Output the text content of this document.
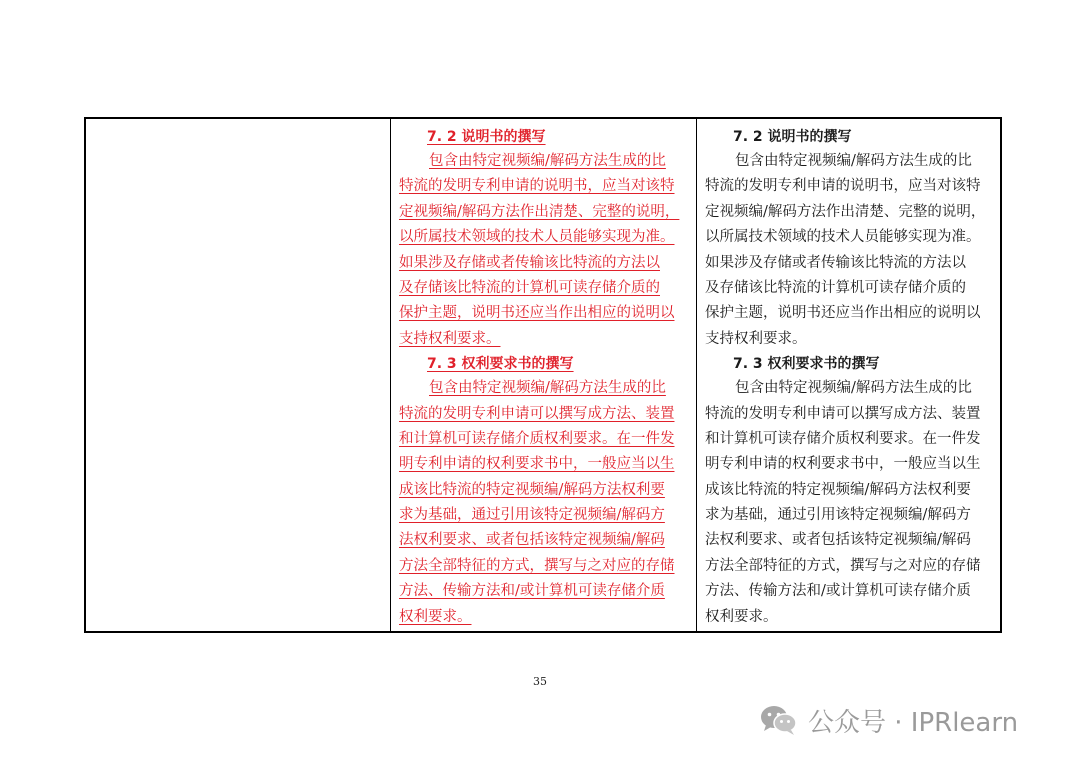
7. 2 说明书的撰写
包含由特定视频编/解码方法生成的比
特流的发明专利申请的说明书，应当对该特
定视频编/解码方法作出清楚、完整的说明，
以所属技术领域的技术人员能够实现为准。
如果涉及存储或者传输该比特流的方法以
及存储该比特流的计算机可读存储介质的
保护主题，说明书还应当作出相应的说明以
支持权利要求。
7. 3 权利要求书的撰写
包含由特定视频编/解码方法生成的比
特流的发明专利申请可以撰写成方法、装置
和计算机可读存储介质权利要求。在一件发
明专利申请的权利要求书中，一般应当以生
成该比特流的特定视频编/解码方法权利要
求为基础，通过引用该特定视频编/解码方
法权利要求、或者包括该特定视频编/解码
方法全部特征的方式，撰写与之对应的存储
方法、传输方法和/或计算机可读存储介质
权利要求。
7. 2 说明书的撰写
包含由特定视频编/解码方法生成的比
特流的发明专利申请的说明书，应当对该特
定视频编/解码方法作出清楚、完整的说明，
以所属技术领域的技术人员能够实现为准。
如果涉及存储或者传输该比特流的方法以
及存储该比特流的计算机可读存储介质的
保护主题，说明书还应当作出相应的说明以
支持权利要求。
7. 3 权利要求书的撰写
包含由特定视频编/解码方法生成的比
特流的发明专利申请可以撰写成方法、装置
和计算机可读存储介质权利要求。在一件发
明专利申请的权利要求书中，一般应当以生
成该比特流的特定视频编/解码方法权利要
求为基础，通过引用该特定视频编/解码方
法权利要求、或者包括该特定视频编/解码
方法全部特征的方式，撰写与之对应的存储
方法、传输方法和/或计算机可读存储介质
权利要求。
35
公众号 · IPRlearn
